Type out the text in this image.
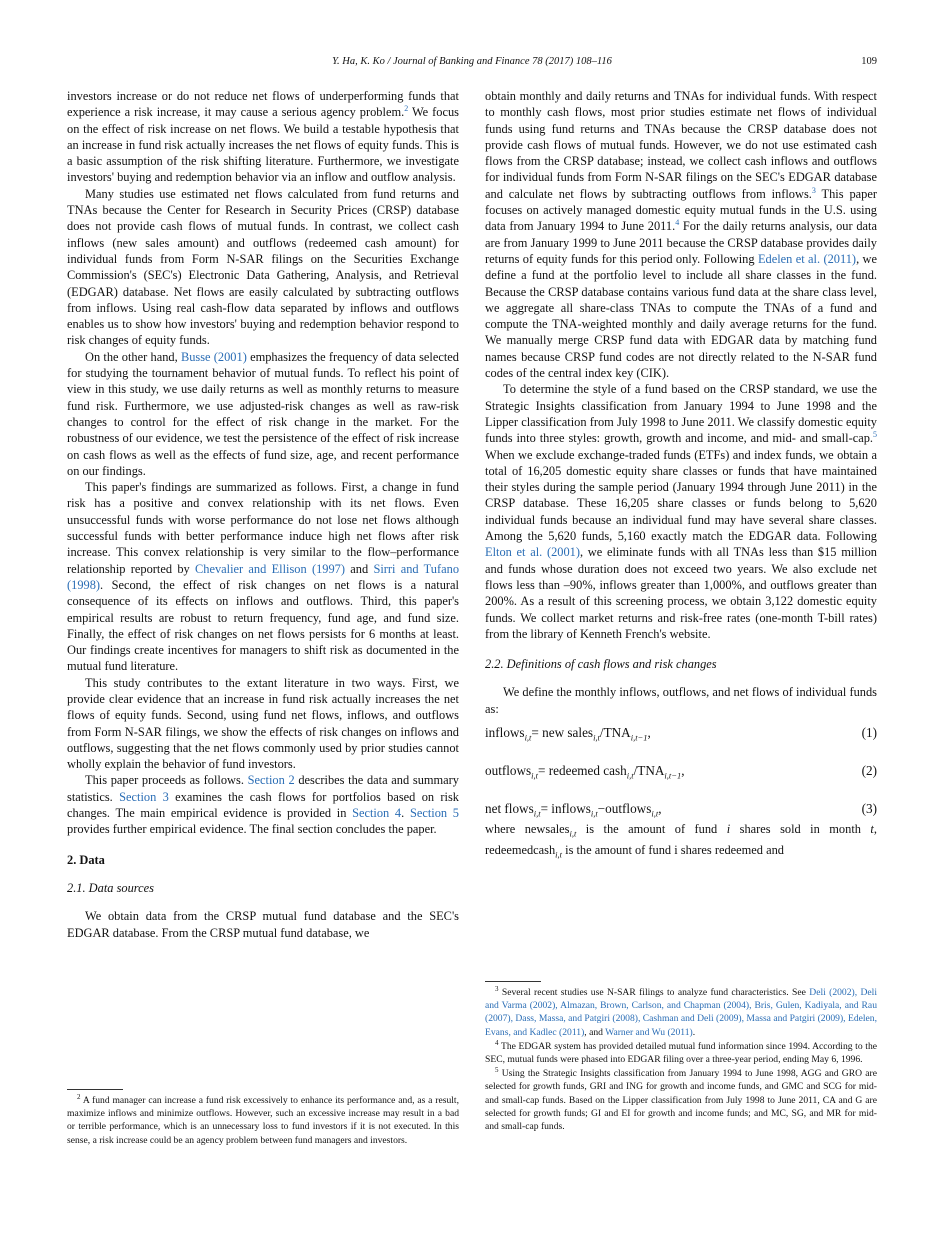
Y. Ha, K. Ko / Journal of Banking and Finance 78 (2017) 108–116	109

investors increase or do not reduce net flows of underperforming funds that experience a risk increase, it may cause a serious agency problem.$^2$ We focus on the effect of risk increase on net flows. We build a testable hypothesis that an increase in fund risk actually increases the net flows of equity funds. This is a basic assumption of the risk shifting literature. Furthermore, we investigate investors' buying and redemption behavior via an inflow and outflow analysis.

Many studies use estimated net flows calculated from fund returns and TNAs because the Center for Research in Security Prices (CRSP) database does not provide cash flows of mutual funds. In contrast, we collect cash inflows (new sales amount) and outflows (redeemed cash amount) for individual funds from Form N-SAR filings on the Securities Exchange Commission's (SEC's) Electronic Data Gathering, Analysis, and Retrieval (EDGAR) database. Net flows are easily calculated by subtracting outflows from inflows. Using real cash-flow data separated by inflows and outflows enables us to show how investors' buying and redemption behavior respond to risk changes of equity funds.

On the other hand, Busse (2001) emphasizes the frequency of data selected for studying the tournament behavior of mutual funds. To reflect his point of view in this study, we use daily returns as well as monthly returns to measure fund risk. Furthermore, we use adjusted-risk changes as well as raw-risk changes to control for the effect of risk change in the market. For the robustness of our evidence, we test the persistence of the effect of risk increase on cash flows as well as the effects of fund size, age, and recent performance on our findings.

This paper's findings are summarized as follows. First, a change in fund risk has a positive and convex relationship with its net flows. Even unsuccessful funds with worse performance do not lose net flows although successful funds with better performance induce high net flows after risk increase. This convex relationship is very similar to the flow–performance relationship reported by Chevalier and Ellison (1997) and Sirri and Tufano (1998). Second, the effect of risk changes on net flows is a natural consequence of its effects on inflows and outflows. Third, this paper's empirical results are robust to return frequency, fund age, and fund size. Finally, the effect of risk changes on net flows persists for 6 months at least. Our findings create incentives for managers to shift risk as documented in the mutual fund literature.

This study contributes to the extant literature in two ways. First, we provide clear evidence that an increase in fund risk actually increases the net flows of equity funds. Second, using fund net flows, inflows, and outflows from Form N-SAR filings, we show the effects of risk changes on inflows and outflows, suggesting that the net flows commonly used by prior studies cannot wholly explain the behavior of fund investors.

This paper proceeds as follows. Section 2 describes the data and summary statistics. Section 3 examines the cash flows for portfolios based on risk changes. The main empirical evidence is provided in Section 4. Section 5 provides further empirical evidence. The final section concludes the paper.

2. Data
2.1. Data sources

We obtain data from the CRSP mutual fund database and the SEC's EDGAR database. From the CRSP mutual fund database, we

$^2$ A fund manager can increase a fund risk excessively to enhance its performance and, as a result, maximize inflows and minimize outflows. However, such an excessive increase may result in a bad or terrible performance, which is an unnecessary loss to fund investors if it is not executed. In this sense, a risk increase could be an agency problem between fund managers and investors.

obtain monthly and daily returns and TNAs for individual funds. With respect to monthly cash flows, most prior studies estimate net flows of individual funds using fund returns and TNAs because the CRSP database does not provide cash flows of mutual funds. However, we do not use estimated cash flows from the CRSP database; instead, we collect cash inflows and outflows for individual funds from Form N-SAR filings on the SEC's EDGAR database and calculate net flows by subtracting outflows from inflows.$^3$ This paper focuses on actively managed domestic equity mutual funds in the U.S. using data from January 1994 to June 2011.$^4$ For the daily returns analysis, our data are from January 1999 to June 2011 because the CRSP database provides daily returns of equity funds for this period only. Following Edelen et al. (2011), we define a fund at the portfolio level to include all share classes in the fund. Because the CRSP database contains various fund data at the share class level, we aggregate all share-class TNAs to compute the TNAs of a fund and compute the TNA-weighted monthly and daily average returns for the fund. We manually merge CRSP fund data with EDGAR data by matching fund names because CRSP fund codes are not directly related to the N-SAR fund codes of the central index key (CIK).

To determine the style of a fund based on the CRSP standard, we use the Strategic Insights classification from January 1994 to June 1998 and the Lipper classification from July 1998 to June 2011. We classify domestic equity funds into three styles: growth, growth and income, and mid- and small-cap.$^5$ When we exclude exchange-traded funds (ETFs) and index funds, we obtain a total of 16,205 domestic equity share classes or funds that have maintained their styles during the sample period (January 1994 through June 2011) in the CRSP database. These 16,205 share classes or funds belong to 5,620 individual funds because an individual fund may have several share classes. Among the 5,620 funds, 5,160 exactly match the EDGAR data. Following Elton et al. (2001), we eliminate funds with all TNAs less than $15 million and funds whose duration does not exceed two years. We also exclude net flows less than –90%, inflows greater than 1,000%, and outflows greater than 200%. As a result of this screening process, we obtain 3,122 domestic equity funds. We collect market returns and risk-free rates (one-month T-bill rates) from the library of Kenneth French's website.

2.2. Definitions of cash flows and risk changes

We define the monthly inflows, outflows, and net flows of individual funds as:

inflows$_{i,t}$= new $sales_{i,t}/TNA_{i,t-1}$,	(1)
outflows$_{i,t}$= redeemed $cash_{i,t}/TNA_{i,t-1}$,	(2)
net flows$_{i,t}$= inflows$_{i,t}$−outflows$_{i,t}$,	(3)

where newsales$_{i,t}$ is the amount of fund i shares sold in month t, redeemedcash$_{i,t}$ is the amount of fund i shares redeemed and

$^3$ Several recent studies use N-SAR filings to analyze fund characteristics. See Deli (2002), Deli and Varma (2002), Almazan, Brown, Carlson, and Chapman (2004), Bris, Gulen, Kadiyala, and Rau (2007), Dass, Massa, and Patgiri (2008), Cashman and Deli (2009), Massa and Patgiri (2009), Edelen, Evans, and Kadlec (2011), and Warner and Wu (2011).

$^4$ The EDGAR system has provided detailed mutual fund information since 1994. According to the SEC, mutual funds were phased into EDGAR filing over a three-year period, ending May 6, 1996.

$^5$ Using the Strategic Insights classification from January 1994 to June 1998, AGG and GRO are selected for growth funds, GRI and ING for growth and income funds, and GMC and SCG for mid- and small-cap funds. Based on the Lipper classification from July 1998 to June 2011, CA and G are selected for growth funds; GI and EI for growth and income funds; and MC, SG, and MR for mid- and small-cap funds.
